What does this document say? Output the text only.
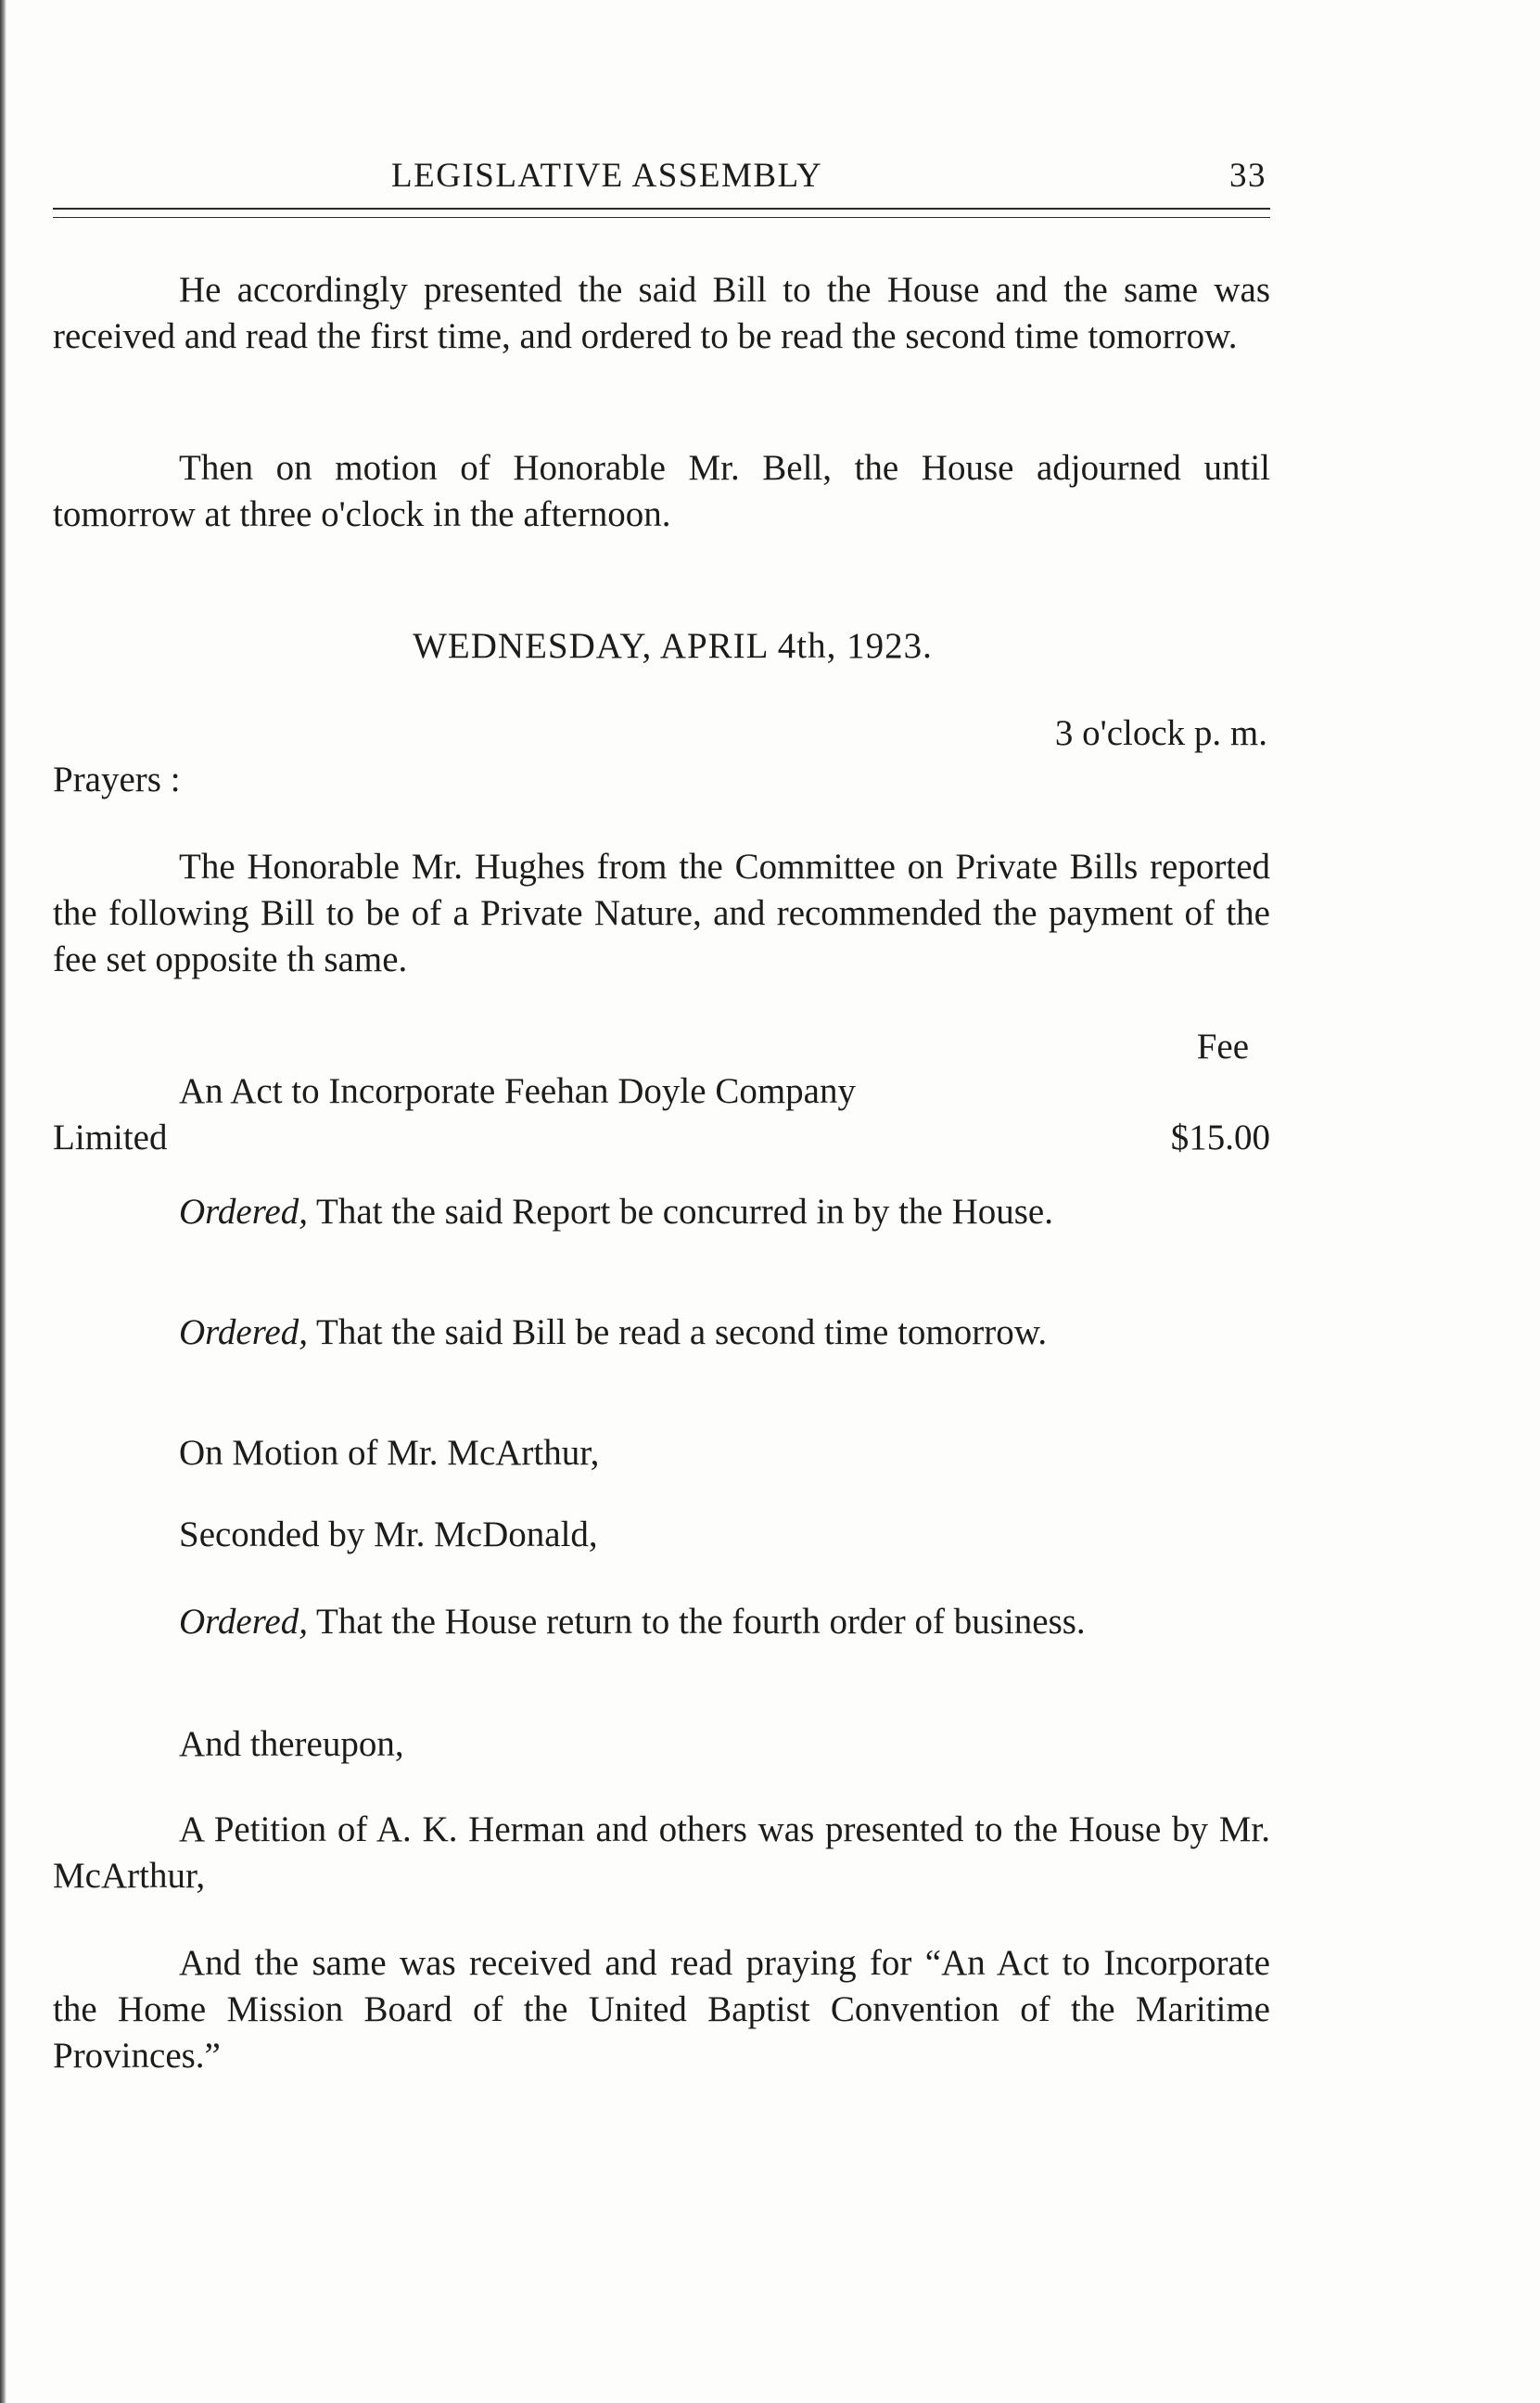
LEGISLATIVE ASSEMBLY	33

He accordingly presented the said Bill to the House and the same was received and read the first time, and ordered to be read the second time tomorrow.

Then on motion of Honorable Mr. Bell, the House adjourned until tomorrow at three o'clock in the afternoon.

WEDNESDAY, APRIL 4th, 1923.
3 o'clock p. m.
Prayers :

The Honorable Mr. Hughes from the Committee on Private Bills reported the following Bill to be of a Private Nature, and recommended the payment of the fee set opposite th same.

Fee
An Act to Incorporate Feehan Doyle Company
Limited	$15.00

Ordered, That the said Report be concurred in by the House.

Ordered, That the said Bill be read a second time tomorrow.

On Motion of Mr. McArthur,

Seconded by Mr. McDonald,

Ordered, That the House return to the fourth order of business.

And thereupon,

A Petition of A. K. Herman and others was presented to the House by Mr. McArthur,

And the same was received and read praying for “An Act to Incorporate the Home Mission Board of the United Baptist Convention of the Maritime Provinces.”
